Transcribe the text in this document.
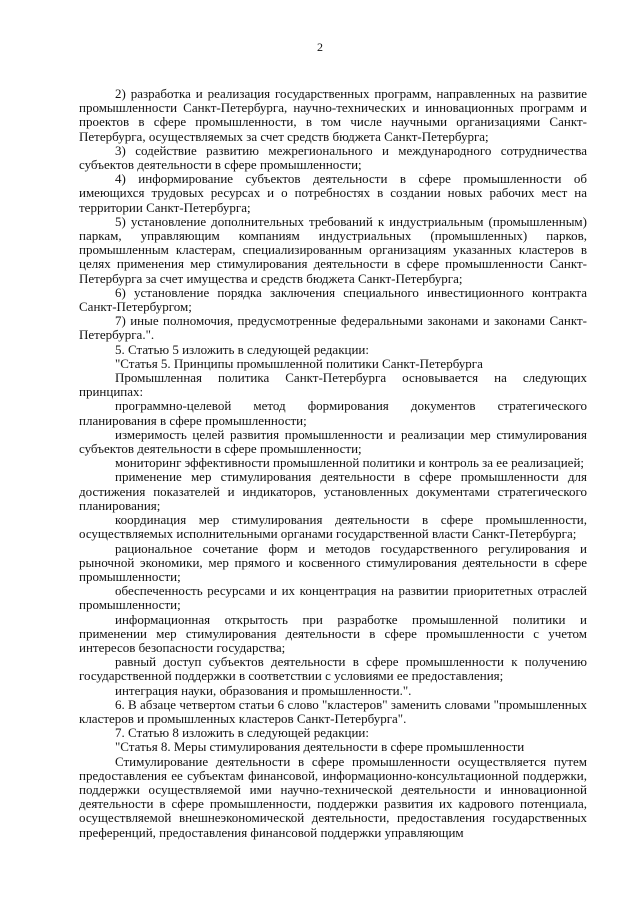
2

2) разработка и реализация государственных программ, направленных на развитие промышленности Санкт-Петербурга, научно-технических и инновационных программ и проектов в сфере промышленности, в том числе научными организациями Санкт-Петербурга, осуществляемых за счет средств бюджета Санкт-Петербурга;

3) содействие развитию межрегионального и международного сотрудничества субъектов деятельности в сфере промышленности;

4) информирование субъектов деятельности в сфере промышленности об имеющихся трудовых ресурсах и о потребностях в создании новых рабочих мест на территории Санкт-Петербурга;

5) установление дополнительных требований к индустриальным (промышленным) паркам, управляющим компаниям индустриальных (промышленных) парков, промышленным кластерам, специализированным организациям указанных кластеров в целях применения мер стимулирования деятельности в сфере промышленности Санкт-Петербурга за счет имущества и средств бюджета Санкт-Петербурга;

6) установление порядка заключения специального инвестиционного контракта Санкт-Петербургом;

7) иные полномочия, предусмотренные федеральными законами и законами Санкт-Петербурга.".

5. Статью 5 изложить в следующей редакции:

"Статья 5. Принципы промышленной политики Санкт-Петербурга

Промышленная политика Санкт-Петербурга основывается на следующих принципах:

программно-целевой метод формирования документов стратегического планирования в сфере промышленности;

измеримость целей развития промышленности и реализации мер стимулирования субъектов деятельности в сфере промышленности;

мониторинг эффективности промышленной политики и контроль за ее реализацией;

применение мер стимулирования деятельности в сфере промышленности для достижения показателей и индикаторов, установленных документами стратегического планирования;

координация мер стимулирования деятельности в сфере промышленности, осуществляемых исполнительными органами государственной власти Санкт-Петербурга;

рациональное сочетание форм и методов государственного регулирования и рыночной экономики, мер прямого и косвенного стимулирования деятельности в сфере промышленности;

обеспеченность ресурсами и их концентрация на развитии приоритетных отраслей промышленности;

информационная открытость при разработке промышленной политики и применении мер стимулирования деятельности в сфере промышленности с учетом интересов безопасности государства;

равный доступ субъектов деятельности в сфере промышленности к получению государственной поддержки в соответствии с условиями ее предоставления;

интеграция науки, образования и промышленности.".

6. В абзаце четвертом статьи 6 слово "кластеров" заменить словами "промышленных кластеров и промышленных кластеров Санкт-Петербурга".

7. Статью 8 изложить в следующей редакции:

"Статья 8. Меры стимулирования деятельности в сфере промышленности

Стимулирование деятельности в сфере промышленности осуществляется путем предоставления ее субъектам финансовой, информационно-консультационной поддержки, поддержки осуществляемой ими научно-технической деятельности и инновационной деятельности в сфере промышленности, поддержки развития их кадрового потенциала, осуществляемой внешнеэкономической деятельности, предоставления государственных преференций, предоставления финансовой поддержки управляющим
